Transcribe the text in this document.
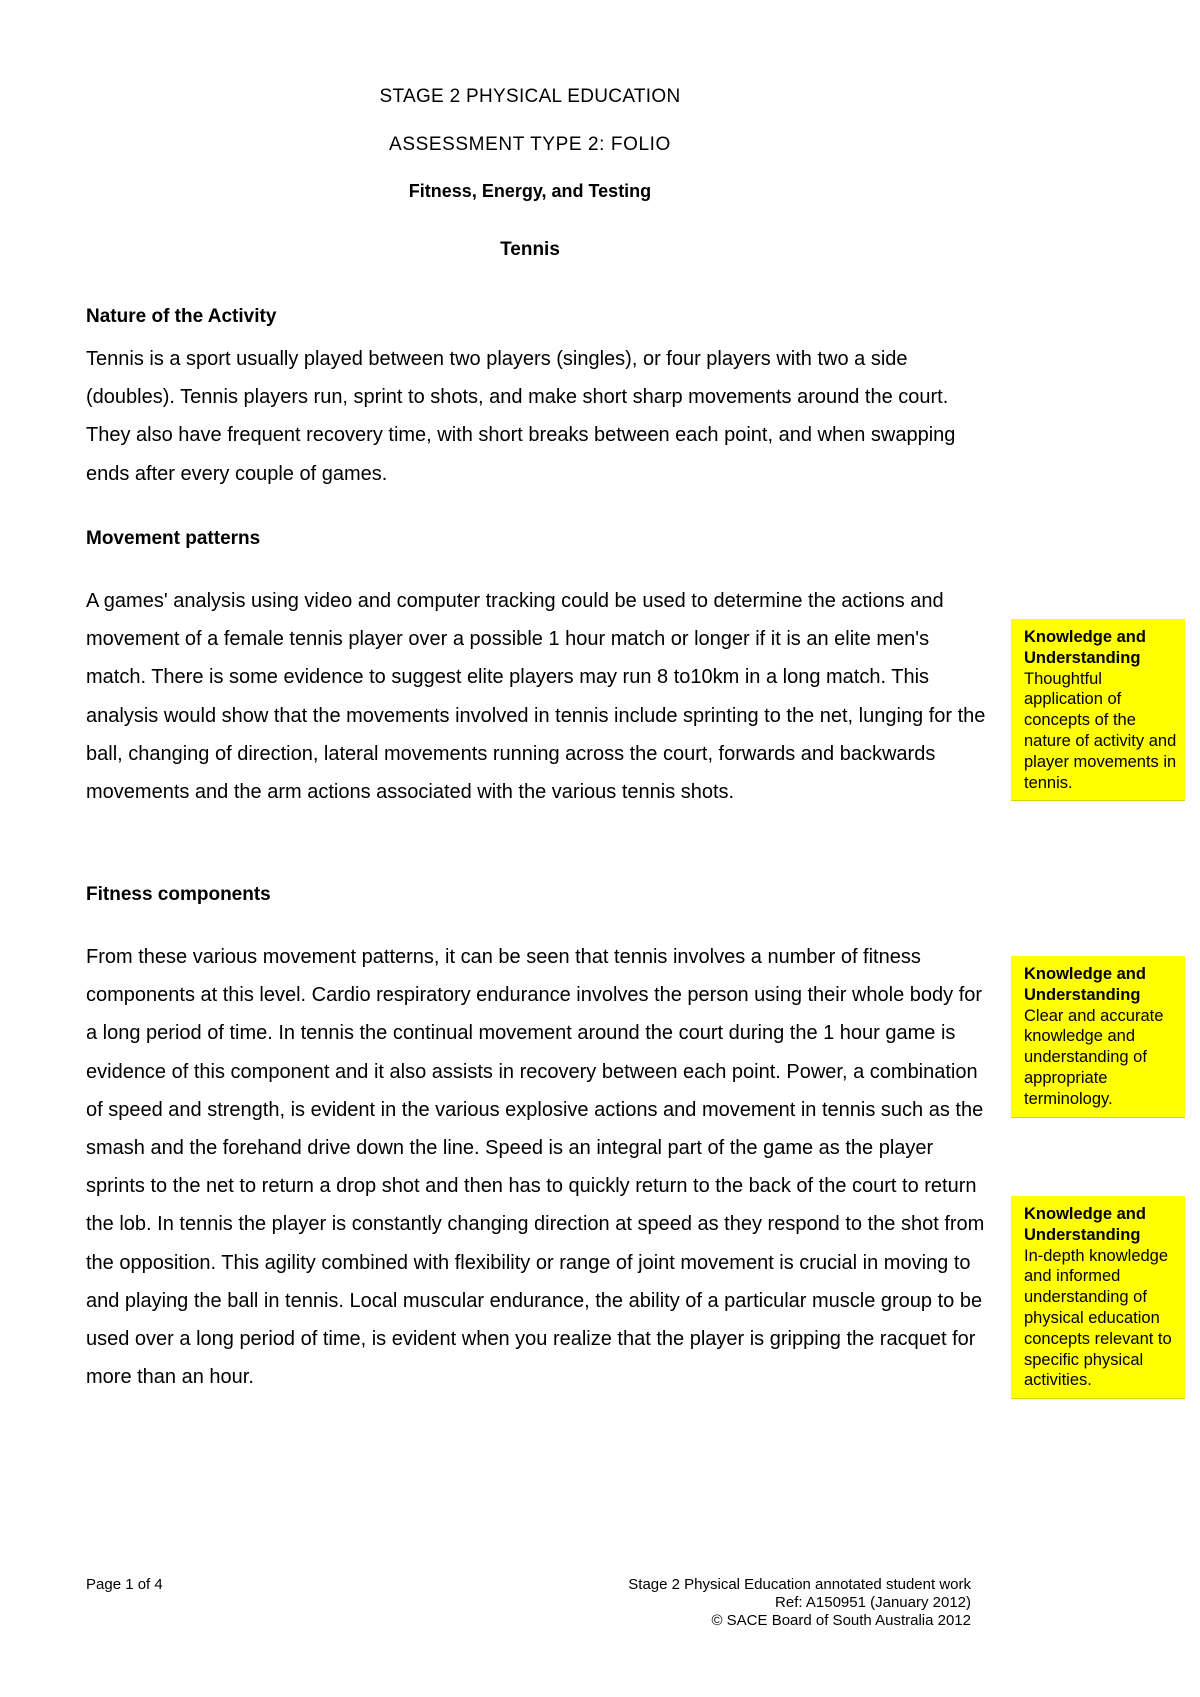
STAGE 2 PHYSICAL EDUCATION
ASSESSMENT TYPE 2: FOLIO
Fitness, Energy, and Testing
Tennis
Nature of the Activity

Tennis is a sport usually played between two players (singles), or four players with two a side (doubles). Tennis players run, sprint to shots, and make short sharp movements around the court. They also have frequent recovery time, with short breaks between each point, and when swapping ends after every couple of games.

Movement patterns

A games' analysis using video and computer tracking could be used to determine the actions and movement of a female tennis player over a possible 1 hour match or longer if it is an elite men's match. There is some evidence to suggest elite players may run 8 to10km in a long match. This analysis would show that the movements involved in tennis include sprinting to the net, lunging for the ball, changing of direction, lateral movements running across the court, forwards and backwards movements and the arm actions associated with the various tennis shots.

Fitness components

From these various movement patterns, it can be seen that tennis involves a number of fitness components at this level. Cardio respiratory endurance involves the person using their whole body for a long period of time. In tennis the continual movement around the court during the 1 hour game is evidence of this component and it also assists in recovery between each point. Power, a combination of speed and strength, is evident in the various explosive actions and movement in tennis such as the smash and the forehand drive down the line. Speed is an integral part of the game as the player sprints to the net to return a drop shot and then has to quickly return to the back of the court to return the lob. In tennis the player is constantly changing direction at speed as they respond to the shot from the opposition. This agility combined with flexibility or range of joint movement is crucial in moving to and playing the ball in tennis. Local muscular endurance, the ability of a particular muscle group to be used over a long period of time, is evident when you realize that the player is gripping the racquet for more than an hour.

Knowledge and Understanding
Thoughtful application of concepts of the nature of activity and player movements in tennis.
Knowledge and Understanding
Clear and accurate knowledge and understanding of appropriate terminology.
Knowledge and Understanding
In-depth knowledge and informed understanding of physical education concepts relevant to specific physical activities.
Page 1 of 4	Stage 2 Physical Education annotated student work
Ref: A150951 (January 2012)
© SACE Board of South Australia 2012
